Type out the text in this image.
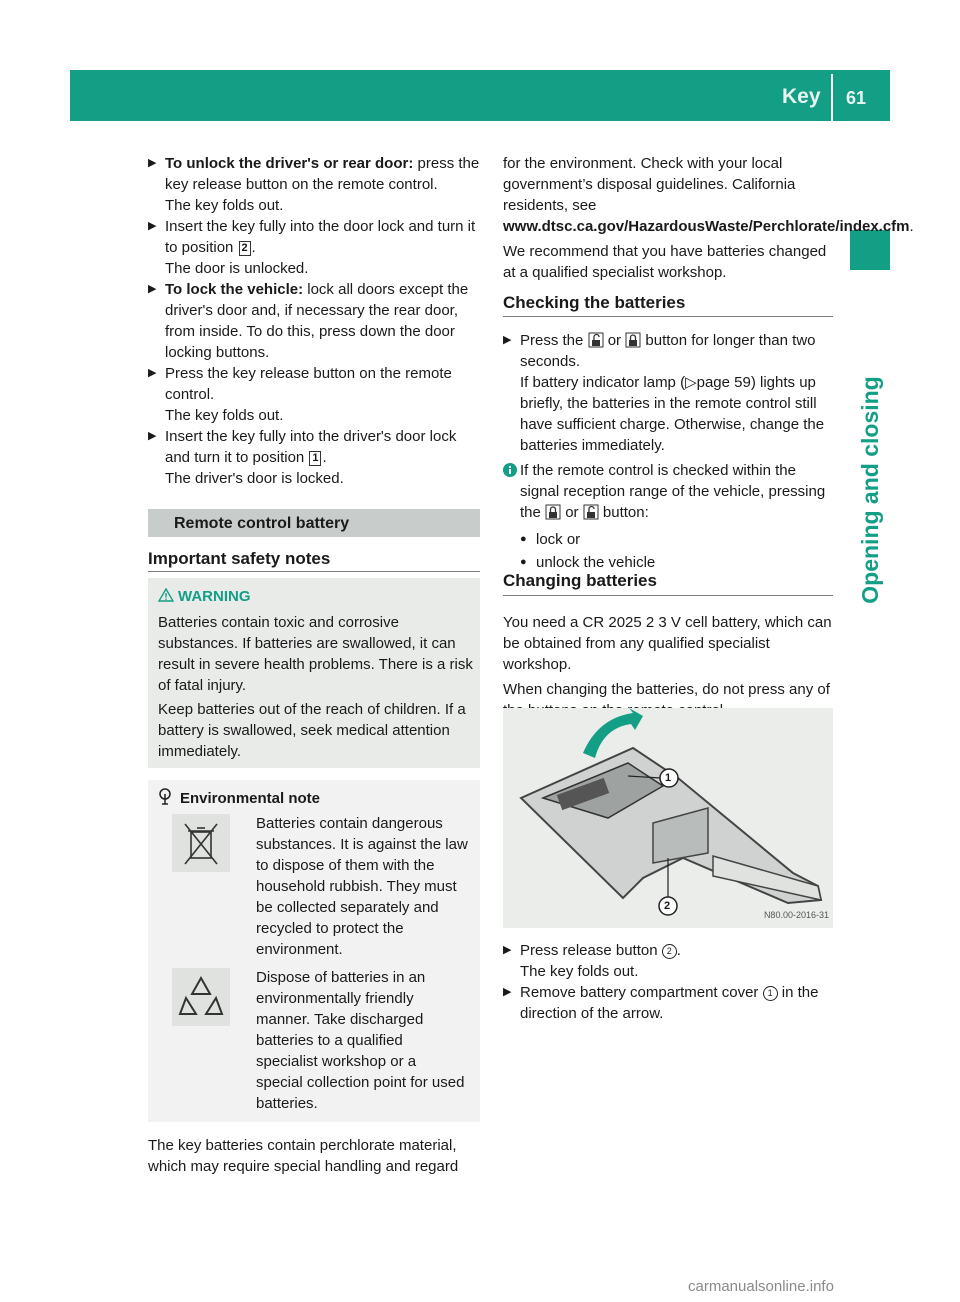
Key 61
Opening and closing
▶ To unlock the driver's or rear door: press the key release button on the remote control.

The key folds out.

▶ Insert the key fully into the door lock and turn it to position 2 .

The door is unlocked.

▶ To lock the vehicle: lock all doors except the driver's door and, if necessary the rear door, from inside. To do this, press down the door locking buttons.

▶ Press the key release button on the remote control.

The key folds out.

▶ Insert the key fully into the driver's door lock and turn it to position 1 .

The driver's door is locked.

Remote control battery
Important safety notes
WARNING

Batteries contain toxic and corrosive substances. If batteries are swallowed, it can result in severe health problems. There is a risk of fatal injury.

Keep batteries out of the reach of children. If a battery is swallowed, seek medical attention immediately.

Environmental note

Batteries contain dangerous substances. It is against the law to dispose of them with the household rubbish. They must be collected separately and recycled to protect the environment.

Dispose of batteries in an environmentally friendly manner. Take discharged batteries to a qualified specialist workshop or a special collection point for used batteries.

The key batteries contain perchlorate material, which may require special handling and regard

for the environment. Check with your local government’s disposal guidelines. California residents, see www.dtsc.ca.gov/HazardousWaste/Perchlorate/index.cfm.

We recommend that you have batteries changed at a qualified specialist workshop.

Checking the batteries
▶ Press the  or  button for longer than two seconds.

If battery indicator lamp (▷page 59) lights up briefly, the batteries in the remote control still have sufficient charge. Otherwise, change the batteries immediately.

If the remote control is checked within the signal reception range of the vehicle, pressing the  or  button:

● lock or
● unlock the vehicle
Changing batteries

You need a CR 2025 2 3 V cell battery, which can be obtained from any qualified specialist workshop.

When changing the batteries, do not press any of

1
2
N80.00-2016-31
▶ Press release button 2 .

The key folds out.

▶ Remove battery compartment cover 1 in the direction of the arrow.

carmanualsonline.info
